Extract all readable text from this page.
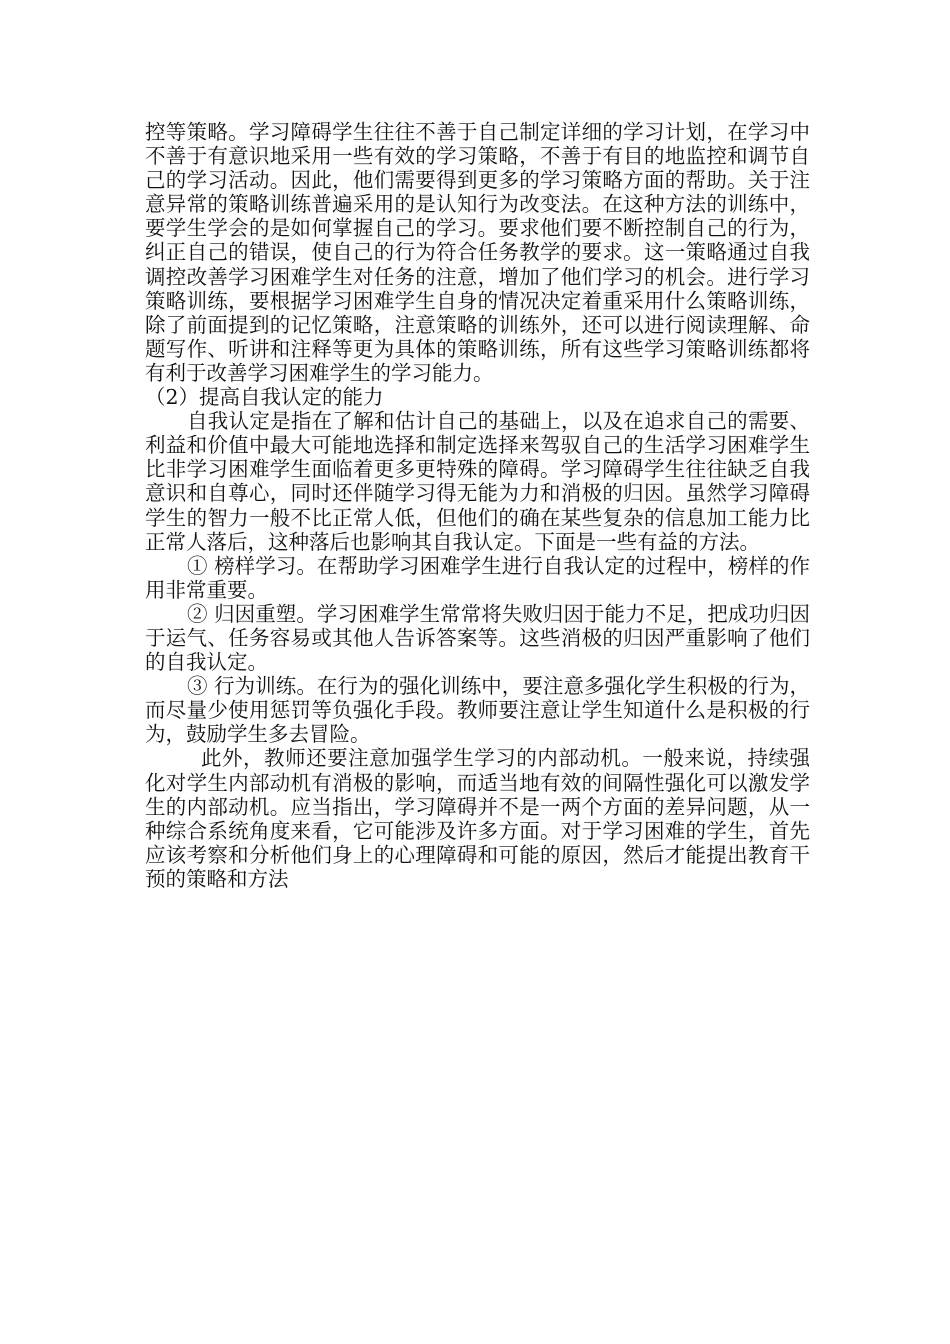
控等策略。学习障碍学生往往不善于自己制定详细的学习计划，在学习中不善于有意识地采用一些有效的学习策略，不善于有目的地监控和调节自己的学习活动。因此，他们需要得到更多的学习策略方面的帮助。关于注意异常的策略训练普遍采用的是认知行为改变法。在这种方法的训练中，要学生学会的是如何掌握自己的学习。要求他们要不断控制自己的行为，纠正自己的错误，使自己的行为符合任务教学的要求。这一策略通过自我调控改善学习困难学生对任务的注意，增加了他们学习的机会。进行学习策略训练，要根据学习困难学生自身的情况决定着重采用什么策略训练，除了前面提到的记忆策略，注意策略的训练外，还可以进行阅读理解、命题写作、听讲和注释等更为具体的策略训练，所有这些学习策略训练都将有利于改善学习困难学生的学习能力。

（2）提高自我认定的能力

自我认定是指在了解和估计自己的基础上，以及在追求自己的需要、利益和价值中最大可能地选择和制定选择来驾驭自己的生活学习困难学生比非学习困难学生面临着更多更特殊的障碍。学习障碍学生往往缺乏自我意识和自尊心，同时还伴随学习得无能为力和消极的归因。虽然学习障碍学生的智力一般不比正常人低，但他们的确在某些复杂的信息加工能力比正常人落后，这种落后也影响其自我认定。下面是一些有益的方法。

① 榜样学习。在帮助学习困难学生进行自我认定的过程中，榜样的作用非常重要。

② 归因重塑。学习困难学生常常将失败归因于能力不足，把成功归因于运气、任务容易或其他人告诉答案等。这些消极的归因严重影响了他们的自我认定。

③ 行为训练。在行为的强化训练中，要注意多强化学生积极的行为，而尽量少使用惩罚等负强化手段。教师要注意让学生知道什么是积极的行为，鼓励学生多去冒险。

此外，教师还要注意加强学生学习的内部动机。一般来说，持续强化对学生内部动机有消极的影响，而适当地有效的间隔性强化可以激发学生的内部动机。应当指出，学习障碍并不是一两个方面的差异问题，从一种综合系统角度来看，它可能涉及许多方面。对于学习困难的学生，首先应该考察和分析他们身上的心理障碍和可能的原因，然后才能提出教育干预的策略和方法
